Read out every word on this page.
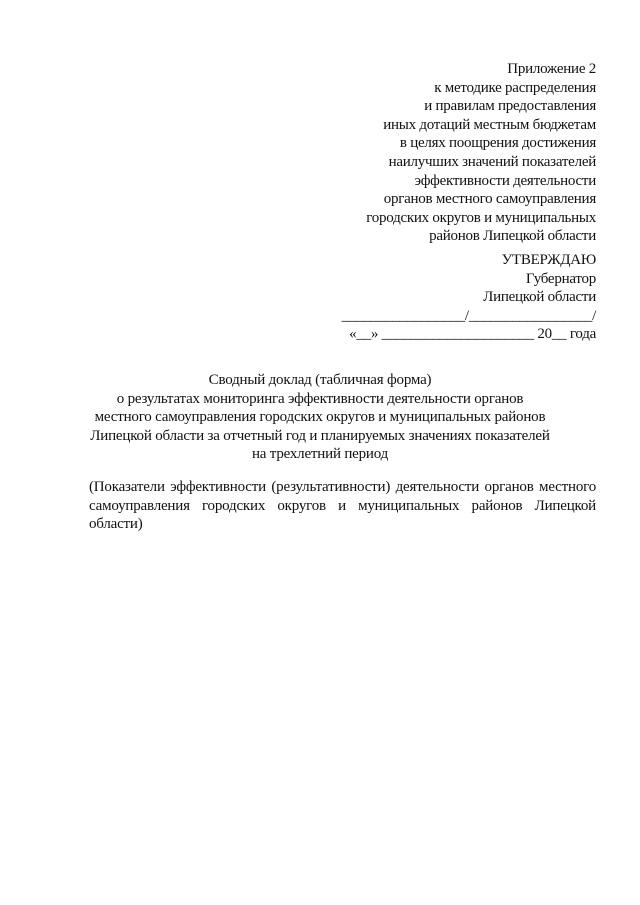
Приложение 2
к методике распределения
и правилам предоставления
иных дотаций местным бюджетам
в целях поощрения достижения
наилучших значений показателей
эффективности деятельности
органов местного самоуправления
городских округов и муниципальных
районов Липецкой области
УТВЕРЖДАЮ
Губернатор
Липецкой области
_________________/_________________/
«__» _____________________ 20__ года
Сводный доклад (табличная форма)
о результатах мониторинга эффективности деятельности органов
местного самоуправления городских округов и муниципальных районов
Липецкой области за отчетный год и планируемых значениях показателей
на трехлетний период
(Показатели эффективности (результативности) деятельности органов местного самоуправления городских округов и муниципальных районов Липецкой области)
